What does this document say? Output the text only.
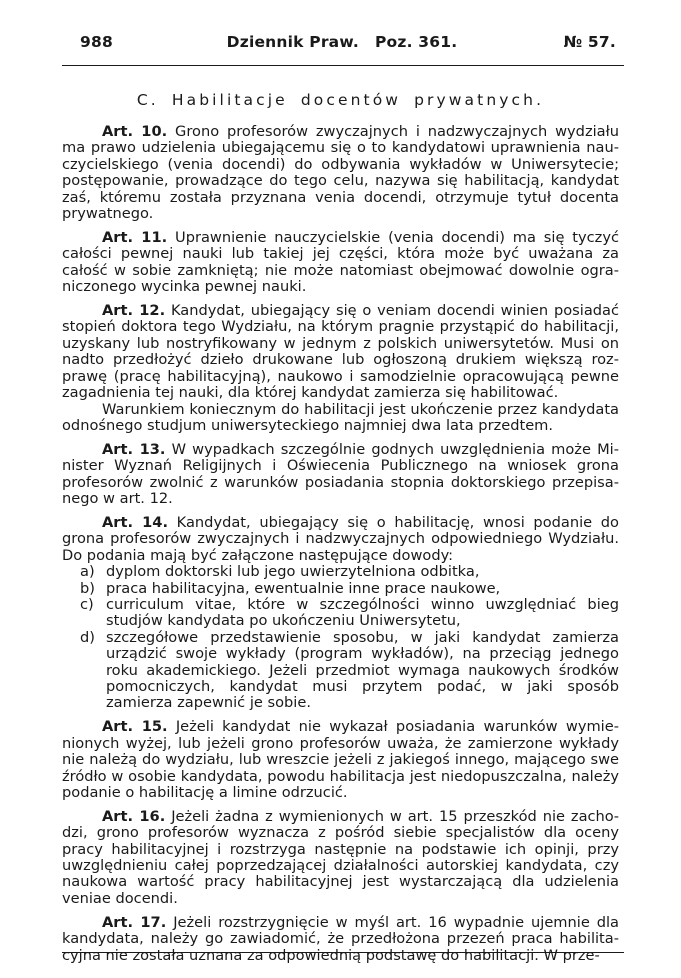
988	Dziennik Praw. Poz. 361.	№ 57.
C. Habilitacje docentów prywatnych.

Art. 10. Grono profesorów zwyczajnych i nadzwyczajnych wydziału ma prawo udzielenia ubiegającemu się o to kandydatowi uprawnienia nauczycielskiego (venia docendi) do odbywania wykładów w Uniwersytecie; postępowanie, prowadzące do tego celu, nazywa się habilitacją, kandydat zaś, któremu została przyznana venia docendi, otrzymuje tytuł docenta prywatnego.

Art. 11. Uprawnienie nauczycielskie (venia docendi) ma się tyczyć całości pewnej nauki lub takiej jej części, która może być uważana za całość w sobie zamkniętą; nie może natomiast obejmować dowolnie ograniczonego wycinka pewnej nauki.

Art. 12. Kandydat, ubiegający się o veniam docendi winien posiadać stopień doktora tego Wydziału, na którym pragnie przystąpić do habilitacji, uzyskany lub nostryfikowany w jednym z polskich uniwersytetów. Musi on nadto przedłożyć dzieło drukowane lub ogłoszoną drukiem większą rozprawę (pracę habilitacyjną), naukowo i samodzielnie opracowującą pewne zagadnienia tej nauki, dla której kandydat zamierza się habilitować.

Warunkiem koniecznym do habilitacji jest ukończenie przez kandydata odnośnego studjum uniwersyteckiego najmniej dwa lata przedtem.

Art. 13. W wypadkach szczególnie godnych uwzględnienia może Minister Wyznań Religijnych i Oświecenia Publicznego na wniosek grona profesorów zwolnić z warunków posiadania stopnia doktorskiego przepisanego w art. 12.

Art. 14. Kandydat, ubiegający się o habilitację, wnosi podanie do grona profesorów zwyczajnych i nadzwyczajnych odpowiedniego Wydziału. Do podania mają być załączone następujące dowody:

a) dyplom doktorski lub jego uwierzytelniona odbitka,
b) praca habilitacyjna, ewentualnie inne prace naukowe,
c) curriculum vitae, które w szczególności winno uwzględniać bieg studjów kandydata po ukończeniu Uniwersytetu,
d) szczegółowe przedstawienie sposobu, w jaki kandydat zamierza urządzić swoje wykłady (program wykładów), na przeciąg jednego roku akademickiego. Jeżeli przedmiot wymaga naukowych środków pomocniczych, kandydat musi przytem podać, w jaki sposób zamierza zapewnić je sobie.

Art. 15. Jeżeli kandydat nie wykazał posiadania warunków wymienionych wyżej, lub jeżeli grono profesorów uważa, że zamierzone wykłady nie należą do wydziału, lub wreszcie jeżeli z jakiegoś innego, mającego swe źródło w osobie kandydata, powodu habilitacja jest niedopuszczalna, należy podanie o habilitację a limine odrzucić.

Art. 16. Jeżeli żadna z wymienionych w art. 15 przeszkód nie zachodzi, grono profesorów wyznacza z pośród siebie specjalistów dla oceny pracy habilitacyjnej i rozstrzyga następnie na podstawie ich opinji, przy uwzględnieniu całej poprzedzającej działalności autorskiej kandydata, czy naukowa wartość pracy habilitacyjnej jest wystarczającą dla udzielenia veniae docendi.

Art. 17. Jeżeli rozstrzygnięcie w myśl art. 16 wypadnie ujemnie dla kandydata, należy go zawiadomić, że przedłożona przezeń praca habilitacyjna nie została uznana za odpowiednią podstawę do habilitacji. W prze-
